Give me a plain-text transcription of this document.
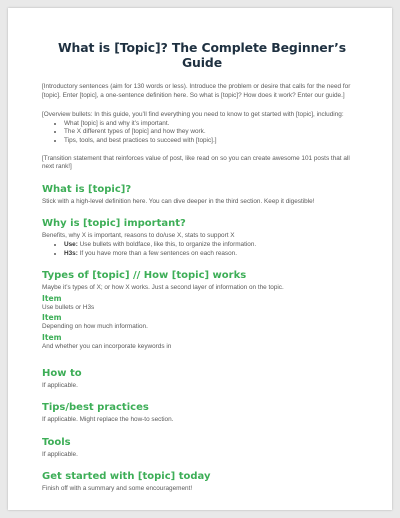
What is [Topic]? The Complete Beginner’s Guide

[Introductory sentences (aim for 130 words or less). Introduce the problem or desire that calls for the need for [topic]. Enter [topic], a one-sentence definition here. So what is [topic]? How does it work? Enter our guide.]

[Overview bullets: In this guide, you’ll find everything you need to know to get started with [topic], including:

• What [topic] is and why it’s important.
• The X different types of [topic] and how they work.
• Tips, tools, and best practices to succeed with [topic].]

[Transition statement that reinforces value of post, like read on so you can create awesome 101 posts that all next rank!]

What is [topic]?

Stick with a high-level definition here. You can dive deeper in the third section. Keep it digestible!

Why is [topic] important?

Benefits, why X is important, reasons to do/use X, stats to support X

• Use: Use bullets with boldface, like this, to organize the information.
• H3s: If you have more than a few sentences on each reason.
Types of [topic] // How [topic] works

Maybe it’s types of X; or how X works. Just a second layer of information on the topic.

Item

Use bullets or H3s

Item

Depending on how much information.

Item

And whether you can incorporate keywords in

How to

If applicable.

Tips/best practices

If applicable. Might replace the how-to section.

Tools

If applicable.

Get started with [topic] today

Finish off with a summary and some encouragement!
